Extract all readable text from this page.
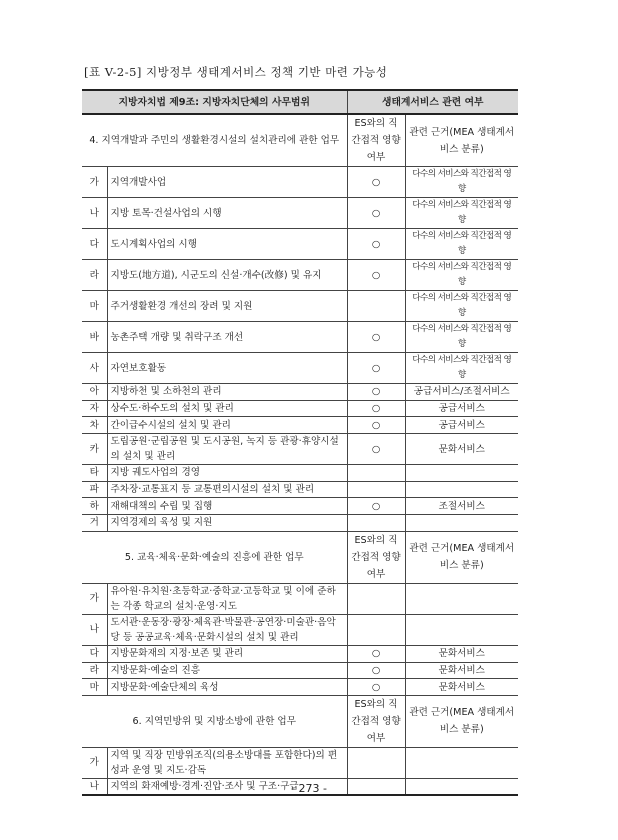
[표 V-2-5] 지방정부 생태계서비스 정책 기반 마련 가능성
지방자치법 제9조: 지방자치단체의 사무범위		생태계서비스 관련 여부	
4. 지역개발과 주민의 생활환경시설의 설치관리에 관한 업무		ES와의 직간접적 영향여부	관련 근거(MEA 생태계서비스 분류)
가	지역개발사업	○	다수의 서비스와 직간접적 영향
나	지방 토목·건설사업의 시행	○	다수의 서비스와 직간접적 영향
다	도시계획사업의 시행	○	다수의 서비스와 직간접적 영향
라	지방도(地方道), 시군도의 신설·개수(改修) 및 유지	○	다수의 서비스와 직간접적 영향
마	주거생활환경 개선의 장려 및 지원		다수의 서비스와 직간접적 영향
바	농촌주택 개량 및 취락구조 개선	○	다수의 서비스와 직간접적 영향
사	자연보호활동	○	다수의 서비스와 직간접적 영향
아	지방하천 및 소하천의 관리	○	공급서비스/조절서비스
자	상수도·하수도의 설치 및 관리	○	공급서비스
차	간이급수시설의 설치 및 관리	○	공급서비스
카	도립공원·군립공원 및 도시공원, 녹지 등 관광·휴양시설의 설치 및 관리	○	문화서비스
타	지방 궤도사업의 경영		
파	주차장·교통표지 등 교통편의시설의 설치 및 관리		
하	재해대책의 수립 및 집행	○	조절서비스
거	지역경제의 육성 및 지원		
5. 교육·체육·문화·예술의 진흥에 관한 업무		ES와의 직간접적 영향여부	관련 근거(MEA 생태계서비스 분류)
가	유아원·유치원·초등학교·중학교·고등학교 및 이에 준하는 각종 학교의 설치·운영·지도		
나	도서관·운동장·광장·체육관·박물관·공연장·미술관·음악당 등 공공교육·체육·문화시설의 설치 및 관리		
다	지방문화재의 지정·보존 및 관리	○	문화서비스
라	지방문화·예술의 진흥	○	문화서비스
마	지방문화·예술단체의 육성	○	문화서비스
6. 지역민방위 및 지방소방에 관한 업무		ES와의 직간접적 영향여부	관련 근거(MEA 생태계서비스 분류)
가	지역 및 직장 민방위조직(의용소방대를 포함한다)의 편성과 운영 및 지도·감독		
나	지역의 화재예방·경계·진압·조사 및 구조·구급		
- 273 -
